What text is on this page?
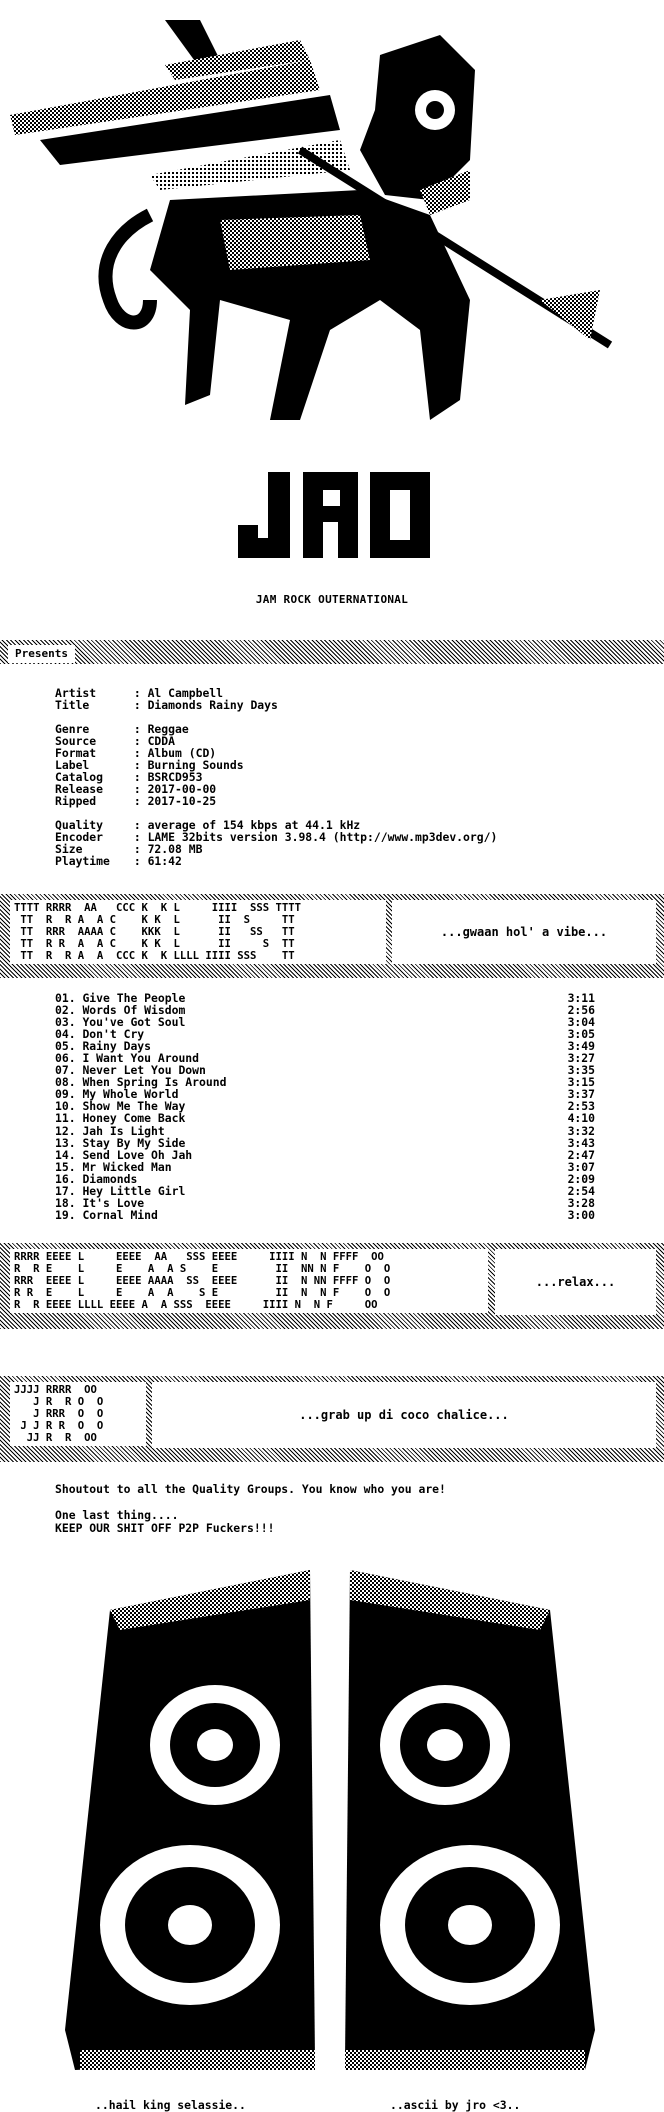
JAM ROCK OUTERNATIONAL
Presents
Artist	: Al Campbell
Title	: Diamonds Rainy Days
Genre	: Reggae
Source	: CDDA
Format	: Album (CD)
Label	: Burning Sounds
Catalog : BSRCD953
Release : 2017-00-00
Ripped	: 2017-10-25
Quality : average of 154 kbps at 44.1 kHz
Encoder : LAME 32bits version 3.98.4 (http://www.mp3dev.org/)
Size	: 72.08 MB
Playtime : 61:42
TTTT RRRR  AA   CCC K  K L     IIII  SSS TTTT
TT  R  R A  A C    K K  L      II  S     TT
TT  RRR  AAAA C    KKK  L      II   SS   TT
TT  R R  A  A C    K K  L      II     S  TT
TT  R  R A  A  CCC K  K LLLL IIII SSS    TT
...gwaan hol' a vibe...
01. Give The People	3:11
02. Words Of Wisdom	2:56
03. You've Got Soul	3:04
04. Don't Cry	3:05
05. Rainy Days	3:49
06. I Want You Around	3:27
07. Never Let You Down	3:35
08. When Spring Is Around	3:15
09. My Whole World	3:37
10. Show Me The Way	2:53
11. Honey Come Back	4:10
12. Jah Is Light	3:32
13. Stay By My Side	3:43
14. Send Love Oh Jah	2:47
15. Mr Wicked Man	3:07
16. Diamonds	2:09
17. Hey Little Girl	2:54
18. It's Love	3:28
19. Cornal Mind	3:00
RRRR EEEE L     EEEE  AA   SSS EEEE     IIII N  N FFFF  OO
R  R E    L     E    A  A S    E         II  NN N F    O  O
RRR  EEEE L     EEEE AAAA  SS  EEEE      II  N NN FFFF O  O
R R  E    L     E    A  A    S E         II  N  N F    O  O
R  R EEEE LLLL EEEE A  A SSS  EEEE     IIII N  N F     OO
...relax...
JJJJ RRRR  OO
J R  R O  O
J RRR  O  O
J J R R  O  O
JJ R  R  OO
...grab up di coco chalice...
Shoutout to all the Quality Groups. You know who you are!

One last thing....
KEEP OUR SHIT OFF P2P Fuckers!!!
..hail king selassie..	..ascii by jro <3..
